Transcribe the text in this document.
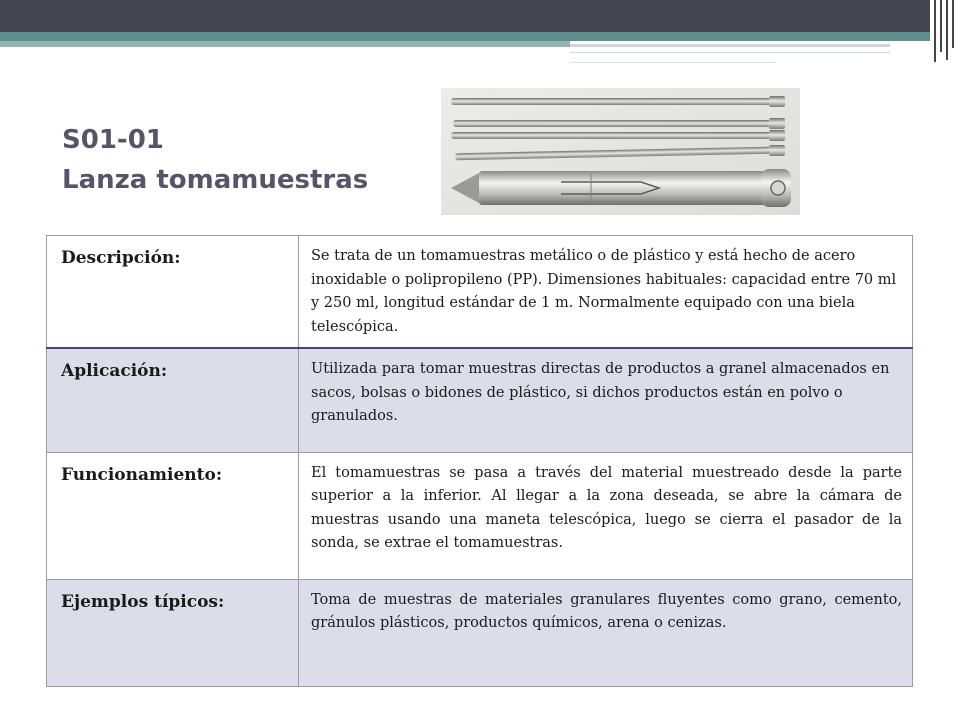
S01-01
Lanza tomamuestras
Descripción:	Se trata de un tomamuestras metálico o de plástico y está hecho de acero inoxidable o polipropileno (PP). Dimensiones habituales: capacidad entre 70 ml y 250 ml, longitud estándar de 1 m. Normalmente equipado con una biela telescópica.
Aplicación:	Utilizada para tomar muestras directas de productos a granel almacenados en sacos, bolsas o bidones de plástico, si dichos productos están en polvo o granulados.
Funcionamiento:	El tomamuestras se pasa a través del material muestreado desde la parte superior a la inferior. Al llegar a la zona deseada, se abre la cámara de muestras usando una maneta telescópica, luego se cierra el pasador de la sonda, se extrae el tomamuestras.
Ejemplos típicos:	Toma de muestras de materiales granulares fluyentes como grano, cemento, gránulos plásticos, productos químicos, arena o cenizas.
